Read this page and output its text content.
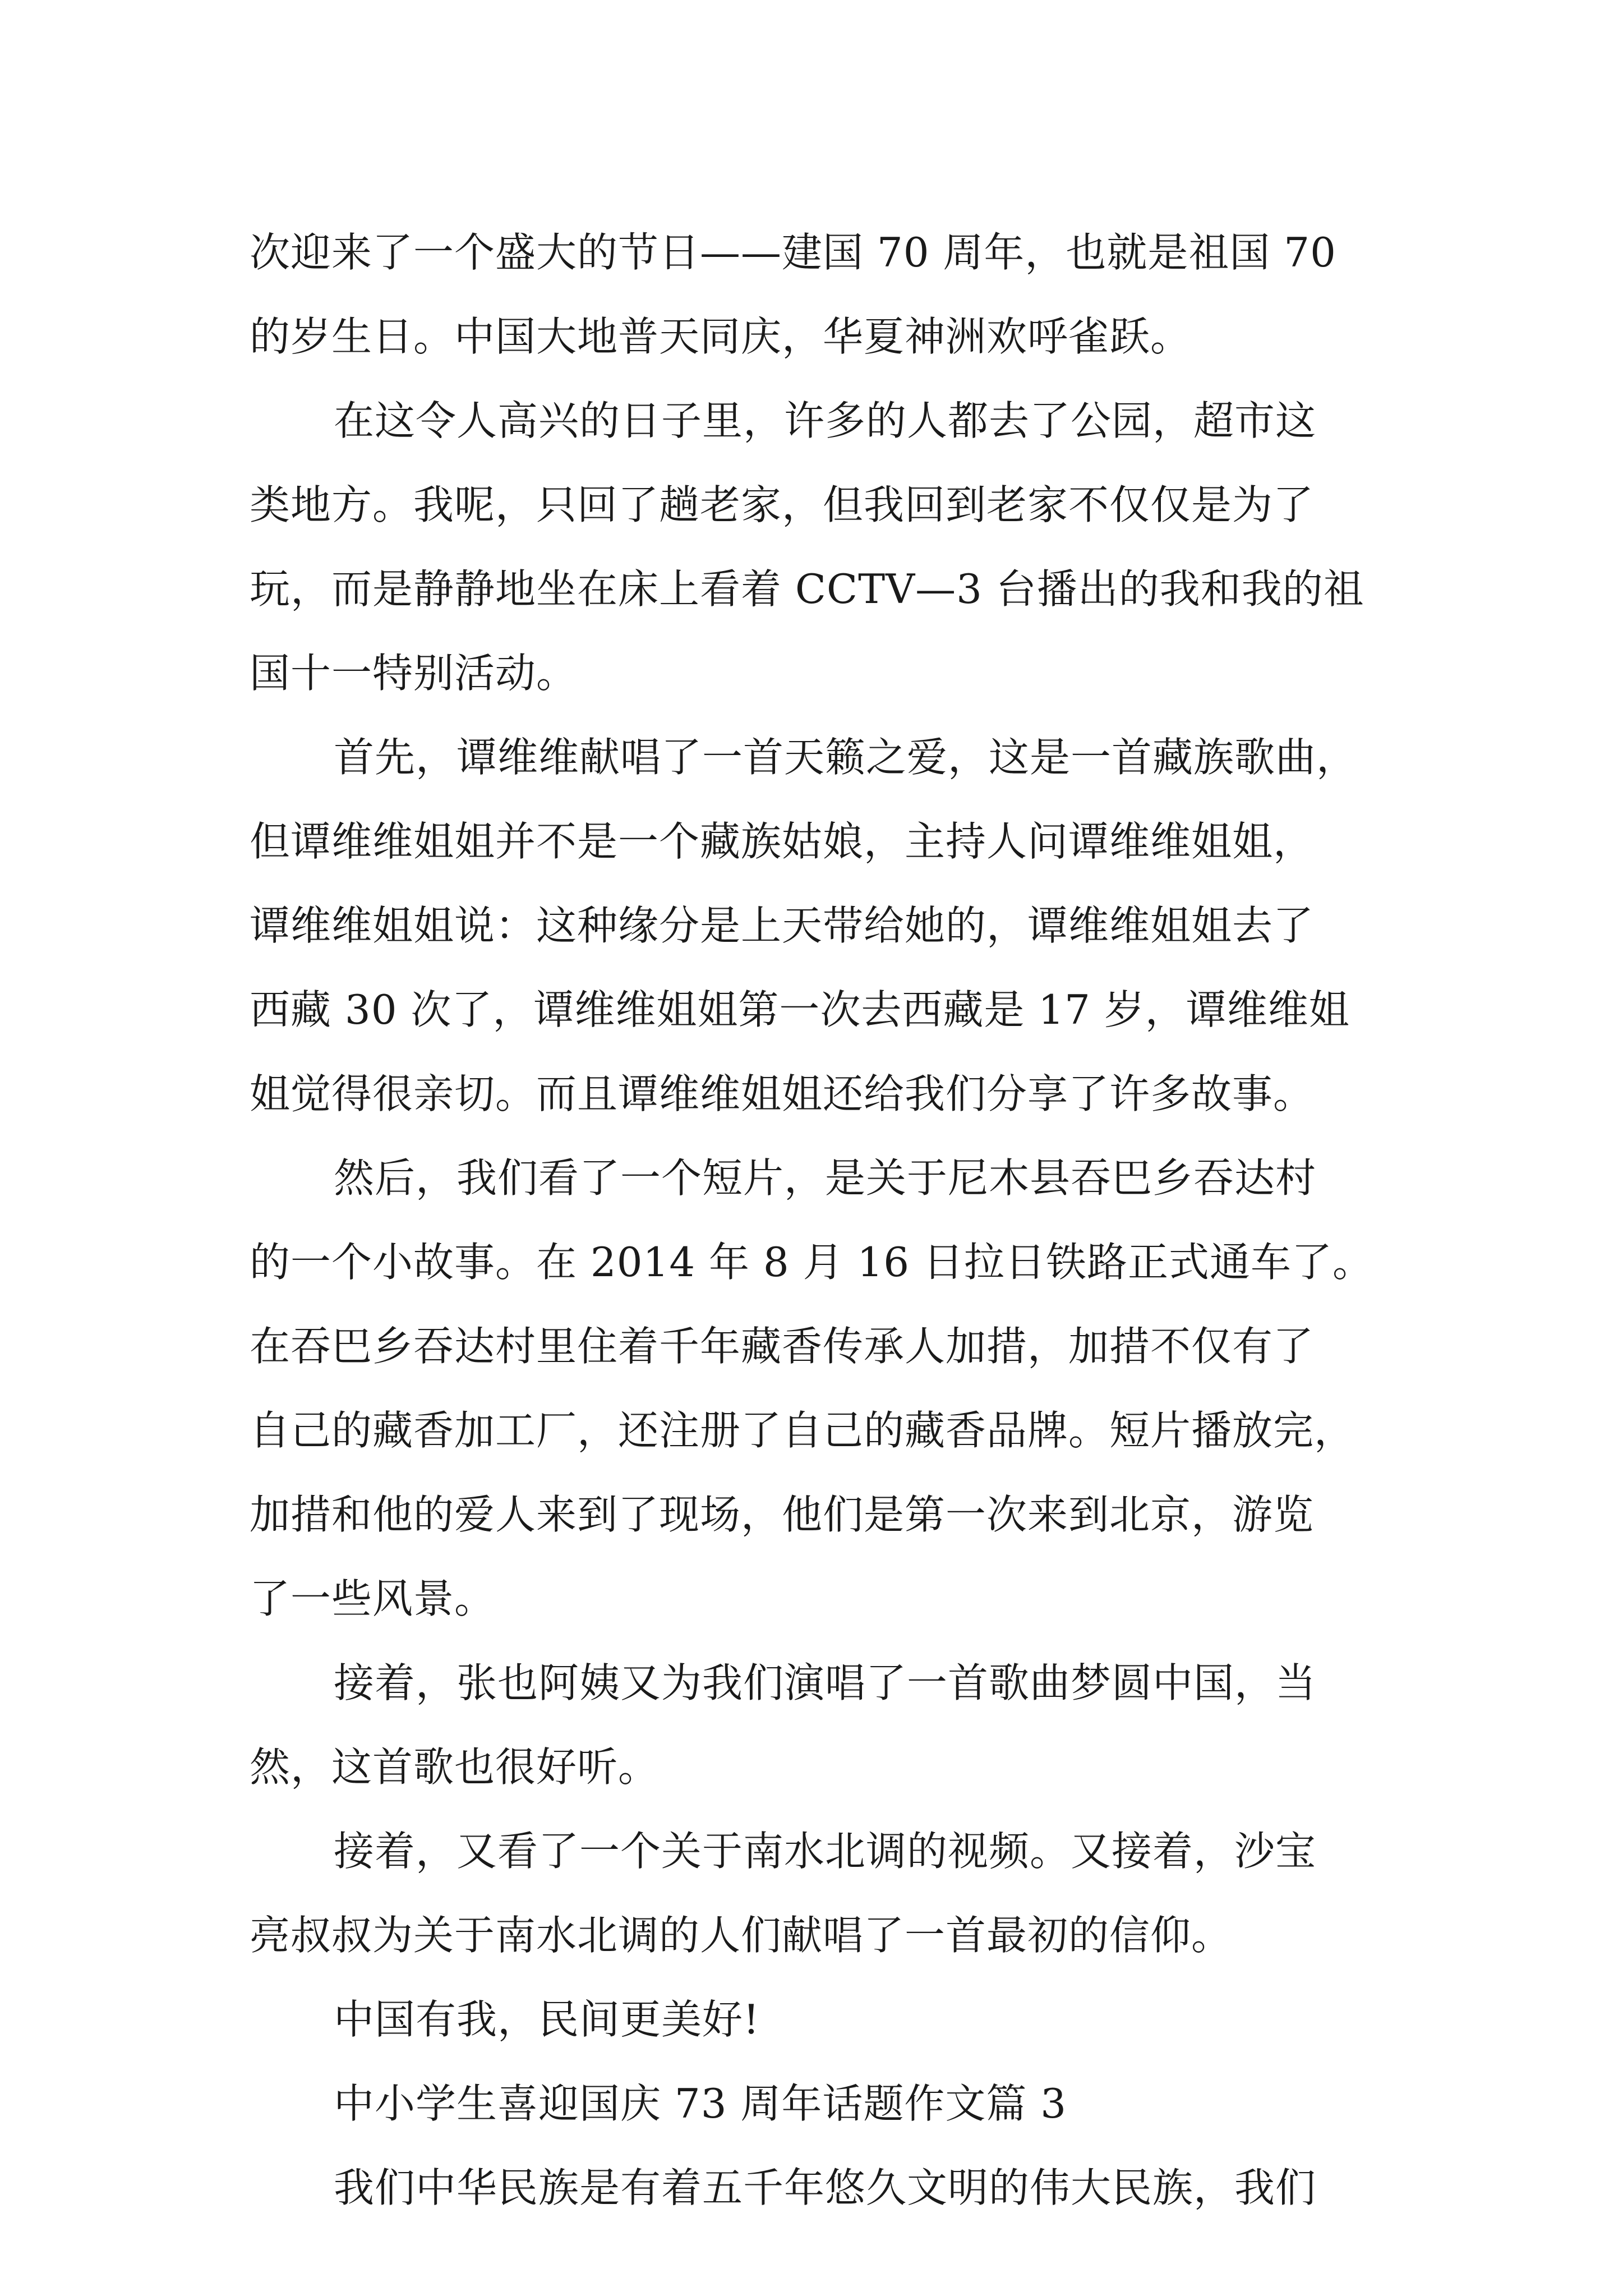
次迎来了一个盛大的节日——建国 70 周年，也就是祖国 70
的岁生日。中国大地普天同庆，华夏神洲欢呼雀跃。
在这令人高兴的日子里，许多的人都去了公园，超市这
类地方。我呢，只回了趟老家，但我回到老家不仅仅是为了
玩，而是静静地坐在床上看着 CCTV—3 台播出的我和我的祖
国十一特别活动。
首先，谭维维献唱了一首天籁之爱，这是一首藏族歌曲，
但谭维维姐姐并不是一个藏族姑娘，主持人问谭维维姐姐，
谭维维姐姐说：这种缘分是上天带给她的，谭维维姐姐去了
西藏 30 次了，谭维维姐姐第一次去西藏是 17 岁，谭维维姐
姐觉得很亲切。而且谭维维姐姐还给我们分享了许多故事。
然后，我们看了一个短片，是关于尼木县吞巴乡吞达村
的一个小故事。在 2014 年 8 月 16 日拉日铁路正式通车了。
在吞巴乡吞达村里住着千年藏香传承人加措，加措不仅有了
自己的藏香加工厂，还注册了自己的藏香品牌。短片播放完，
加措和他的爱人来到了现场，他们是第一次来到北京，游览
了一些风景。
接着，张也阿姨又为我们演唱了一首歌曲梦圆中国，当
然，这首歌也很好听。
接着，又看了一个关于南水北调的视频。又接着，沙宝
亮叔叔为关于南水北调的人们献唱了一首最初的信仰。
中国有我，民间更美好!
中小学生喜迎国庆 73 周年话题作文篇 3
我们中华民族是有着五千年悠久文明的伟大民族，我们
